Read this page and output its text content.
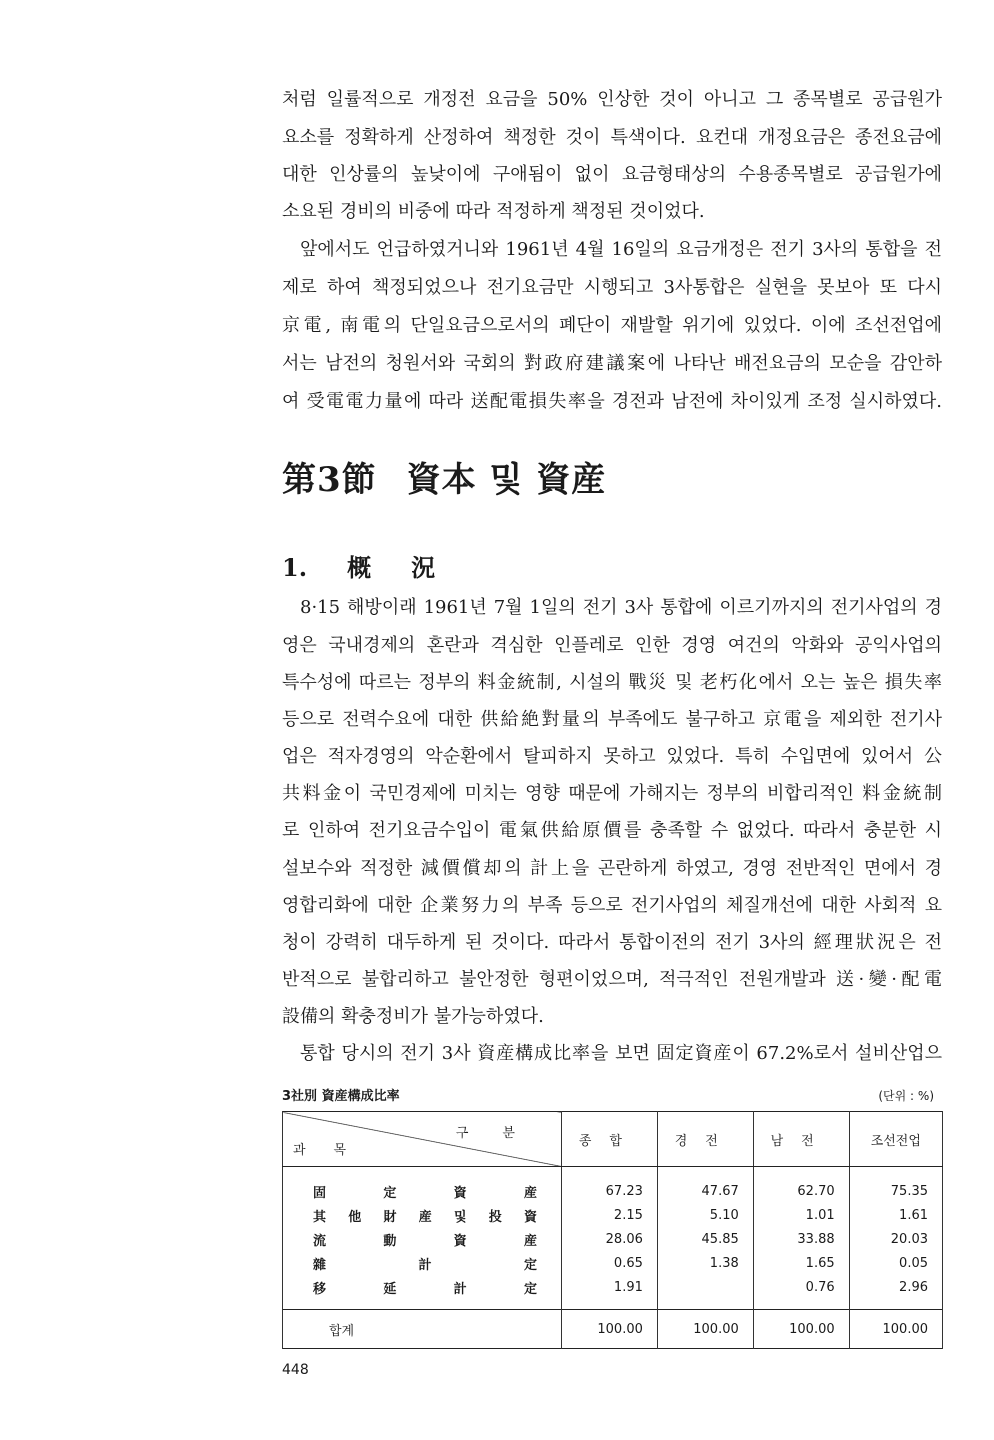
처럼 일률적으로 개정전 요금을 50% 인상한 것이 아니고 그 종목별로 공급원가
요소를 정확하게 산정하여 책정한 것이 특색이다. 요컨대 개정요금은 종전요금에
대한 인상률의 높낮이에 구애됨이 없이 요금형태상의 수용종목별로 공급원가에
소요된 경비의 비중에 따라 적정하게 책정된 것이었다.
앞에서도 언급하였거니와 1961년 4월 16일의 요금개정은 전기 3사의 통합을 전
제로 하여 책정되었으나 전기요금만 시행되고 3사통합은 실현을 못보아 또 다시
京電, 南電의 단일요금으로서의 폐단이 재발할 위기에 있었다. 이에 조선전업에
서는 남전의 청원서와 국회의 對政府建議案에 나타난 배전요금의 모순을 감안하
여 受電電力量에 따라 送配電損失率을 경전과 남전에 차이있게 조정 실시하였다.
第3節 資本 및 資産
1. 概 況
8·15 해방이래 1961년 7월 1일의 전기 3사 통합에 이르기까지의 전기사업의 경
영은 국내경제의 혼란과 격심한 인플레로 인한 경영 여건의 악화와 공익사업의
특수성에 따르는 정부의 料金統制, 시설의 戰災 및 老朽化에서 오는 높은 損失率
등으로 전력수요에 대한 供給絶對量의 부족에도 불구하고 京電을 제외한 전기사
업은 적자경영의 악순환에서 탈피하지 못하고 있었다. 특히 수입면에 있어서 公
共料金이 국민경제에 미치는 영향 때문에 가해지는 정부의 비합리적인 料金統制
로 인하여 전기요금수입이 電氣供給原價를 충족할 수 없었다. 따라서 충분한 시
설보수와 적정한 減價償却의 計上을 곤란하게 하였고, 경영 전반적인 면에서 경
영합리화에 대한 企業努力의 부족 등으로 전기사업의 체질개선에 대한 사회적 요
청이 강력히 대두하게 된 것이다. 따라서 통합이전의 전기 3사의 經理狀況은 전
반적으로 불합리하고 불안정한 형편이었으며, 적극적인 전원개발과 送·變·配電
設備의 확충정비가 불가능하였다.
통합 당시의 전기 3사 資産構成比率을 보면 固定資産이 67.2%로서 설비산업으
3社別 資産構成比率	(단위 : %)
구분
과목	종합	경전	남전	조선전업
固定資産	67.23	47.67	62.70	75.35
其他財産및投資	2.15	5.10	1.01	1.61
流動資産	28.06	45.85	33.88	20.03
雜計定	0.65	1.38	1.65	0.05
移延計定	1.91		0.76	2.96
합계	100.00	100.00	100.00	100.00
448
